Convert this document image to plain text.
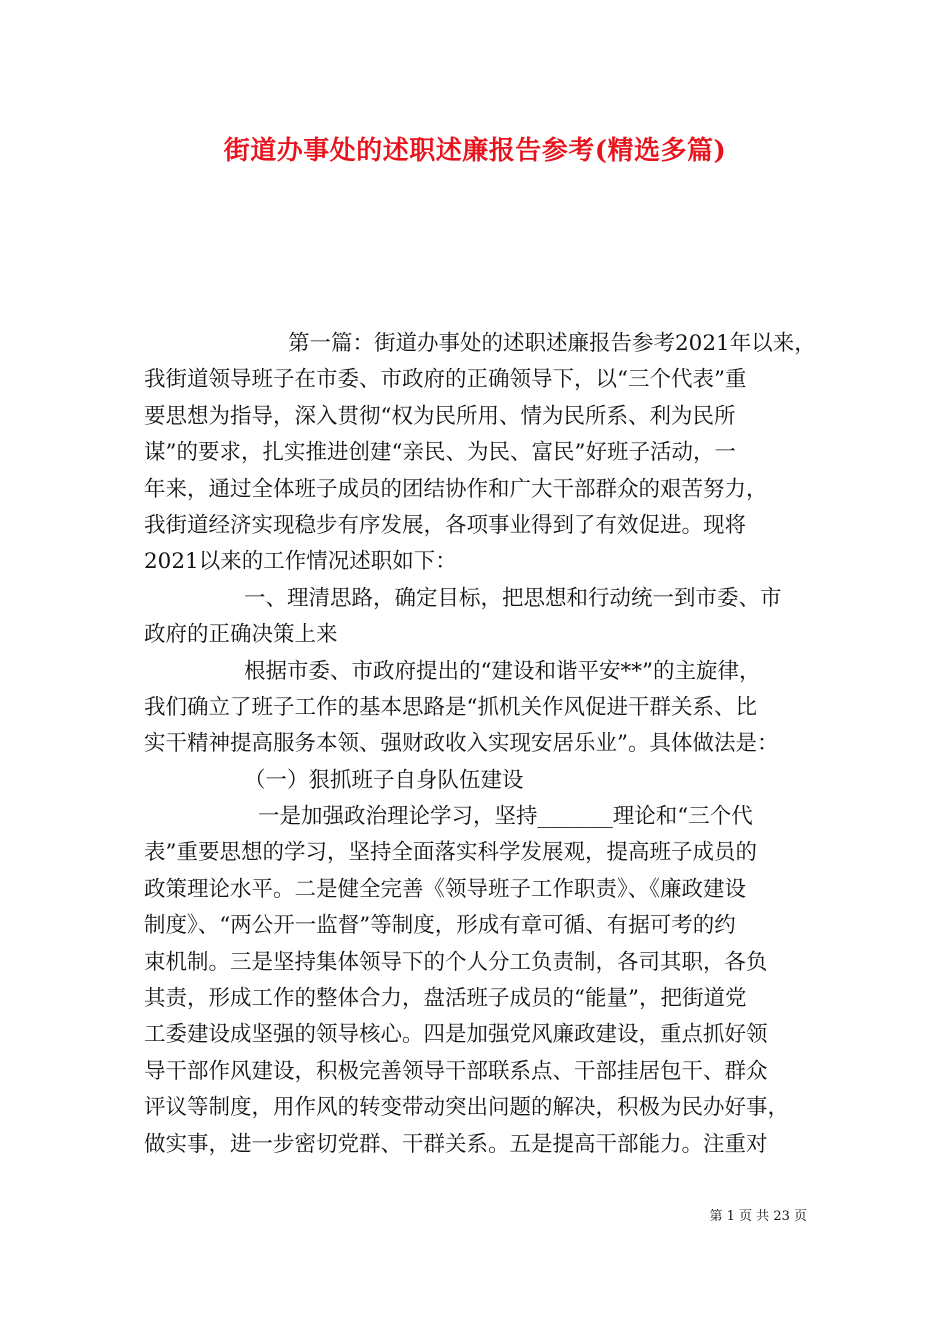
街道办事处的述职述廉报告参考(精选多篇)
第一篇：街道办事处的述职述廉报告参考2021年以来，
我街道领导班子在市委、市政府的正确领导下，以“三个代表”重
要思想为指导，深入贯彻“权为民所用、情为民所系、利为民所
谋”的要求，扎实推进创建“亲民、为民、富民”好班子活动，一
年来，通过全体班子成员的团结协作和广大干部群众的艰苦努力，
我街道经济实现稳步有序发展，各项事业得到了有效促进。现将
2021以来的工作情况述职如下：
一、理清思路，确定目标，把思想和行动统一到市委、市
政府的正确决策上来
根据市委、市政府提出的“建设和谐平安**”的主旋律，
我们确立了班子工作的基本思路是“抓机关作风促进干群关系、比
实干精神提高服务本领、强财政收入实现安居乐业”。具体做法是：
（一）狠抓班子自身队伍建设
一是加强政治理论学习，坚持_______理论和“三个代
表”重要思想的学习，坚持全面落实科学发展观，提高班子成员的
政策理论水平。二是健全完善《领导班子工作职责》、《廉政建设
制度》、“两公开一监督”等制度，形成有章可循、有据可考的约
束机制。三是坚持集体领导下的个人分工负责制，各司其职，各负
其责，形成工作的整体合力，盘活班子成员的“能量”，把街道党
工委建设成坚强的领导核心。四是加强党风廉政建设，重点抓好领
导干部作风建设，积极完善领导干部联系点、干部挂居包干、群众
评议等制度，用作风的转变带动突出问题的解决，积极为民办好事，
做实事，进一步密切党群、干群关系。五是提高干部能力。注重对
第 1 页 共 23 页
